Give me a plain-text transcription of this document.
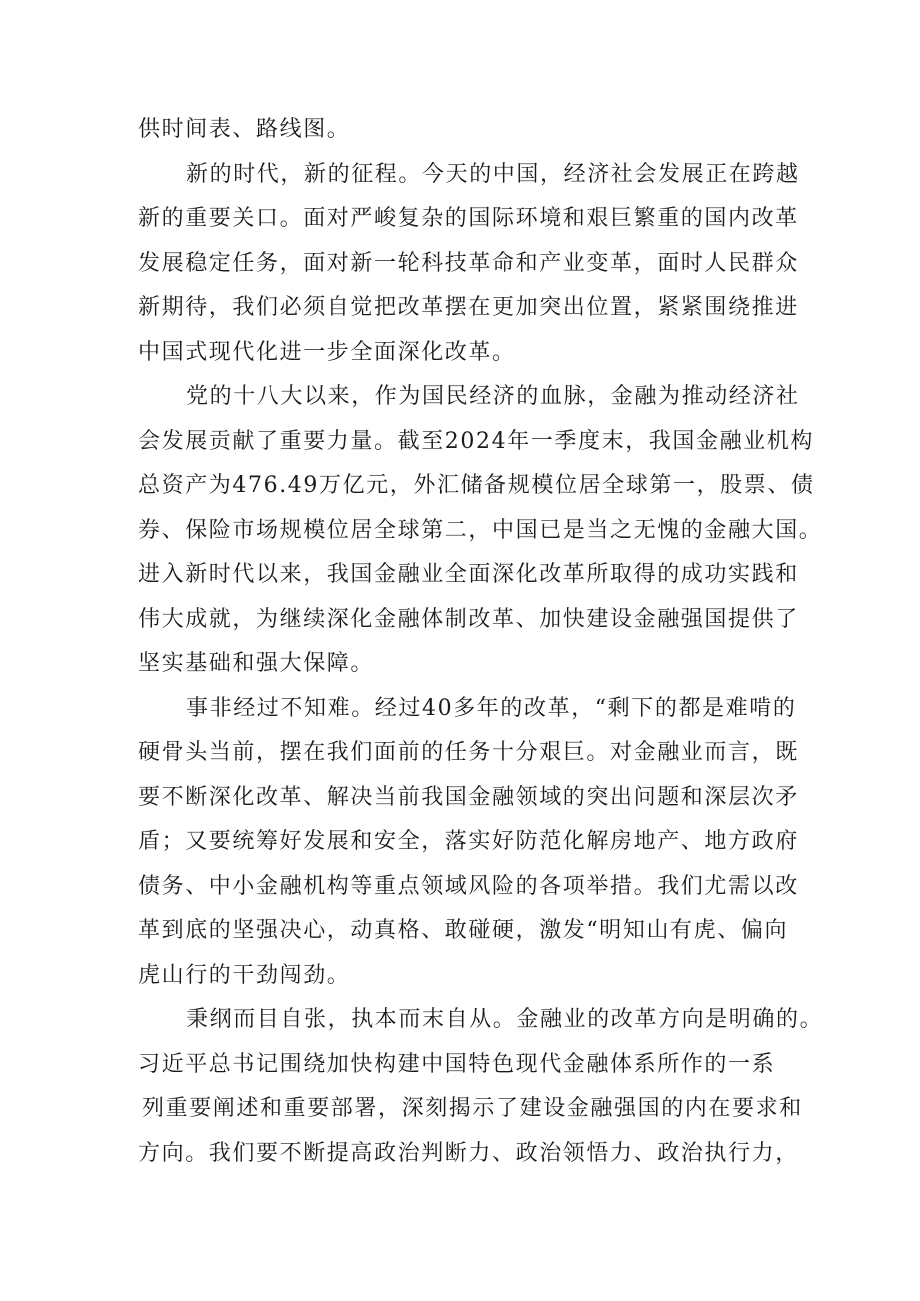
供时间表、路线图。
新的时代，新的征程。今天的中国，经济社会发展正在跨越
新的重要关口。面对严峻复杂的国际环境和艰巨繁重的国内改革
发展稳定任务，面对新一轮科技革命和产业变革，面时人民群众
新期待，我们必须自觉把改革摆在更加突出位置，紧紧围绕推进
中国式现代化进一步全面深化改革。
党的十八大以来，作为国民经济的血脉，金融为推动经济社
会发展贡献了重要力量。截至2024年一季度末，我国金融业机构
总资产为476.49万亿元，外汇储备规模位居全球第一，股票、债
券、保险市场规模位居全球第二，中国已是当之无愧的金融大国。
进入新时代以来，我国金融业全面深化改革所取得的成功实践和
伟大成就，为继续深化金融体制改革、加快建设金融强国提供了
坚实基础和强大保障。
事非经过不知难。经过40多年的改革，“剩下的都是难啃的
硬骨头当前，摆在我们面前的任务十分艰巨。对金融业而言，既
要不断深化改革、解决当前我国金融领域的突出问题和深层次矛
盾；又要统筹好发展和安全，落实好防范化解房地产、地方政府
债务、中小金融机构等重点领域风险的各项举措。我们尤需以改
革到底的坚强决心，动真格、敢碰硬，激发“明知山有虎、偏向
虎山行的干劲闯劲。
秉纲而目自张，执本而末自从。金融业的改革方向是明确的。
习近平总书记围绕加快构建中国特色现代金融体系所作的一系
列重要阐述和重要部署，深刻揭示了建设金融强国的内在要求和
方向。我们要不断提高政治判断力、政治领悟力、政治执行力，
